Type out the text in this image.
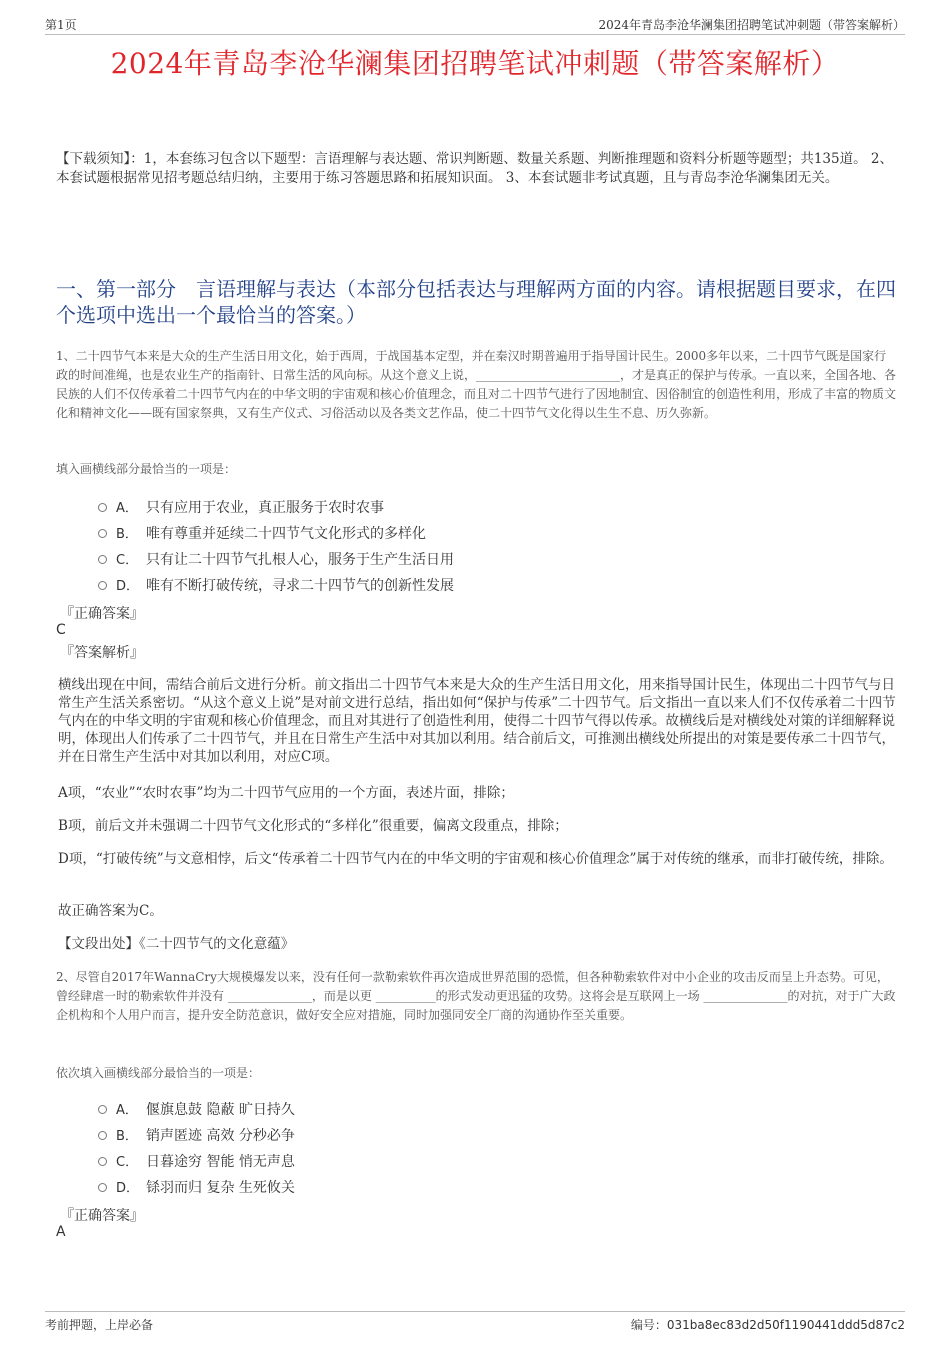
第1页	2024年青岛李沧华澜集团招聘笔试冲刺题（带答案解析）
2024年青岛李沧华澜集团招聘笔试冲刺题（带答案解析）
【下载须知】：1，本套练习包含以下题型：言语理解与表达题、常识判断题、数量关系题、判断推理题和资料分析题等题型；共135道。 2、本套试题根据常见招考题总结归纳，主要用于练习答题思路和拓展知识面。 3、本套试题非考试真题，且与青岛李沧华澜集团无关。
一、第一部分　言语理解与表达（本部分包括表达与理解两方面的内容。请根据题目要求，在四个选项中选出一个最恰当的答案。）
1、二十四节气本来是大众的生产生活日用文化，始于西周，于战国基本定型，并在秦汉时期普遍用于指导国计民生。2000多年以来，二十四节气既是国家行政的时间准绳，也是农业生产的指南针、日常生活的风向标。从这个意义上说，________________________，才是真正的保护与传承。一直以来，全国各地、各民族的人们不仅传承着二十四节气内在的中华文明的宇宙观和核心价值理念，而且对二十四节气进行了因地制宜、因俗制宜的创造性利用，形成了丰富的物质文化和精神文化——既有国家祭典，又有生产仪式、习俗活动以及各类文艺作品，使二十四节气文化得以生生不息、历久弥新。
填入画横线部分最恰当的一项是：
A． 只有应用于农业，真正服务于农时农事
B． 唯有尊重并延续二十四节气文化形式的多样化
C． 只有让二十四节气扎根人心，服务于生产生活日用
D． 唯有不断打破传统，寻求二十四节气的创新性发展
『正确答案』
C
『答案解析』
横线出现在中间，需结合前后文进行分析。前文指出二十四节气本来是大众的生产生活日用文化，用来指导国计民生，体现出二十四节气与日常生产生活关系密切。“从这个意义上说”是对前文进行总结，指出如何“保护与传承”二十四节气。后文指出一直以来人们不仅传承着二十四节气内在的中华文明的宇宙观和核心价值理念，而且对其进行了创造性利用，使得二十四节气得以传承。故横线后是对横线处对策的详细解释说明，体现出人们传承了二十四节气，并且在日常生产生活中对其加以利用。结合前后文，可推测出横线处所提出的对策是要传承二十四节气，并在日常生产生活中对其加以利用，对应C项。
A项，“农业”“农时农事”均为二十四节气应用的一个方面，表述片面，排除；
B项，前后文并未强调二十四节气文化形式的“多样化”很重要，偏离文段重点，排除；
D项，“打破传统”与文意相悖，后文“传承着二十四节气内在的中华文明的宇宙观和核心价值理念”属于对传统的继承，而非打破传统，排除。
故正确答案为C。
【文段出处】《二十四节气的文化意蕴》
2、尽管自2017年WannaCry大规模爆发以来，没有任何一款勒索软件再次造成世界范围的恐慌，但各种勒索软件对中小企业的攻击反而呈上升态势。可见，曾经肆虐一时的勒索软件并没有 ______________，而是以更 __________的形式发动更迅猛的攻势。这将会是互联网上一场 ______________的对抗，对于广大政企机构和个人用户而言，提升安全防范意识，做好安全应对措施，同时加强同安全厂商的沟通协作至关重要。
依次填入画横线部分最恰当的一项是：
A． 偃旗息鼓 隐蔽 旷日持久
B． 销声匿迹 高效 分秒必争
C． 日暮途穷 智能 悄无声息
D． 铩羽而归 复杂 生死攸关
『正确答案』
A
考前押题，上岸必备	编号：031ba8ec83d2d50f1190441ddd5d87c2
